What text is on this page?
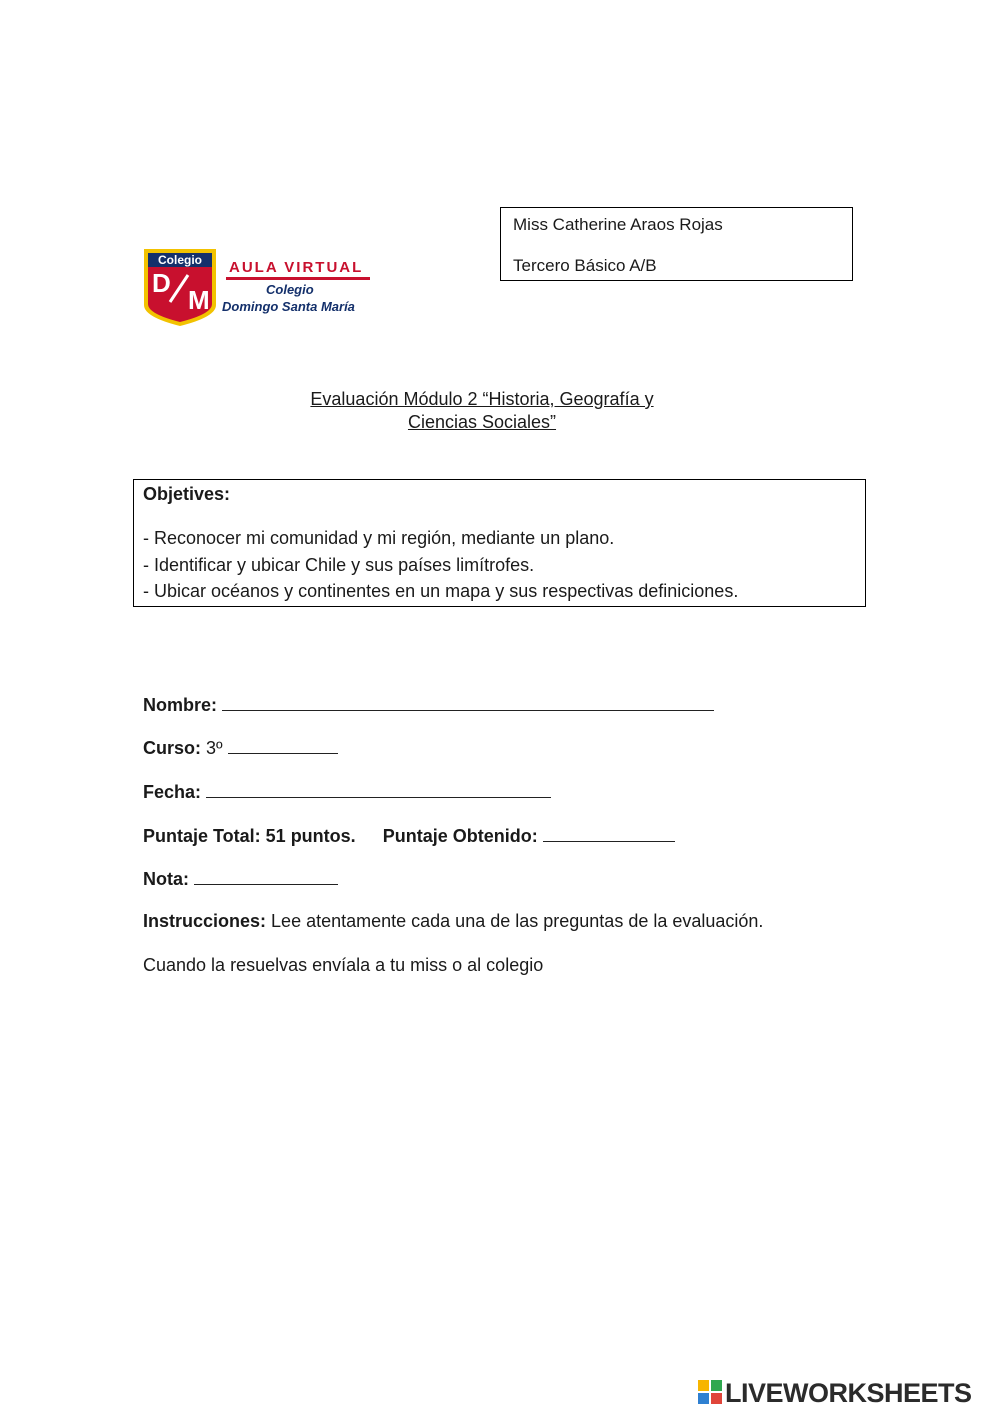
Miss Catherine Araos Rojas
Tercero Básico A/B
Colegio
D
M
AULA VIRTUAL
Colegio
Domingo Santa María
Evaluación Módulo 2 “Historia, Geografía y
Ciencias Sociales”
Objetives:
- Reconocer mi comunidad y mi región, mediante un plano.
- Identificar y ubicar Chile y sus países limítrofes.
- Ubicar océanos y continentes en un mapa y sus respectivas definiciones.
Nombre:
Curso: 3º
Fecha:
Puntaje Total: 51 puntos. Puntaje Obtenido:
Nota:
Instrucciones: Lee atentamente cada una de las preguntas de la evaluación.
Cuando la resuelvas envíala a tu miss o al colegio
LIVEWORKSHEETS
